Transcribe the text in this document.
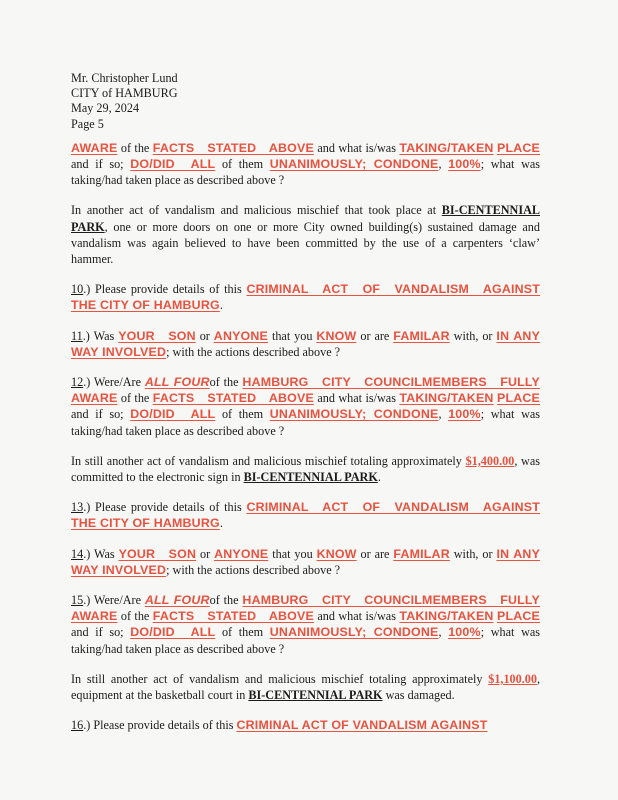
Mr. Christopher Lund
CITY of HAMBURG
May 29, 2024
Page 5

AWARE of the FACTS STATED ABOVE and what is/was TAKING/TAKEN PLACE and if so; DO/DID ALL of them UNANIMOUSLY; CONDONE, 100%; what was taking/had taken place as described above ?

In another act of vandalism and malicious mischief that took place at BI-CENTENNIAL PARK, one or more doors on one or more City owned building(s) sustained damage and vandalism was again believed to have been committed by the use of a carpenters ‘claw’ hammer.

10.) Please provide details of this CRIMINAL ACT OF VANDALISM AGAINST THE CITY OF HAMBURG.

11.) Was YOUR SON or ANYONE that you KNOW or are FAMILAR with, or IN ANY WAY INVOLVED; with the actions described above ?

12.) Were/Are ALL FOURof the HAMBURG CITY COUNCILMEMBERS FULLY AWARE of the FACTS STATED ABOVE and what is/was TAKING/TAKEN PLACE and if so; DO/DID ALL of them UNANIMOUSLY; CONDONE, 100%; what was taking/had taken place as described above ?

In still another act of vandalism and malicious mischief totaling approximately $1,400.00, was committed to the electronic sign in BI-CENTENNIAL PARK.

13.) Please provide details of this CRIMINAL ACT OF VANDALISM AGAINST THE CITY OF HAMBURG.

14.) Was YOUR SON or ANYONE that you KNOW or are FAMILAR with, or IN ANY WAY INVOLVED; with the actions described above ?

15.) Were/Are ALL FOURof the HAMBURG CITY COUNCILMEMBERS FULLY AWARE of the FACTS STATED ABOVE and what is/was TAKING/TAKEN PLACE and if so; DO/DID ALL of them UNANIMOUSLY; CONDONE, 100%; what was taking/had taken place as described above ?

In still another act of vandalism and malicious mischief totaling approximately $1,100.00, equipment at the basketball court in BI-CENTENNIAL PARK was damaged.

16.) Please provide details of this CRIMINAL ACT OF VANDALISM AGAINST
